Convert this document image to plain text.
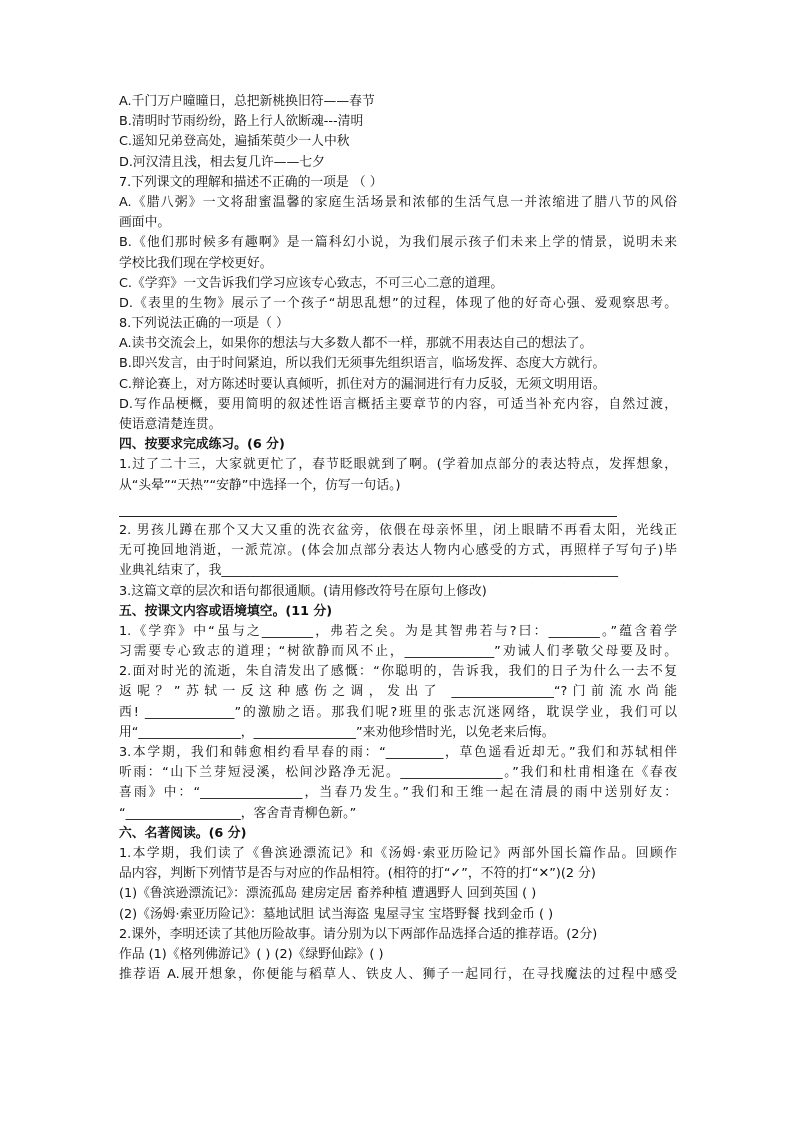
A.千门万户曈曈日，总把新桃换旧符——春节
B.清明时节雨纷纷，路上行人欲断魂---清明
C.遥知兄弟登高处，遍插茱萸少一人中秋
D.河汉清且浅，相去复几许——七夕
7.下列课文的理解和描述不正确的一项是 （ ）
A.《腊八粥》一文将甜蜜温馨的家庭生活场景和浓郁的生活气息一并浓缩进了腊八节的风俗
画面中。
B.《他们那时候多有趣啊》是一篇科幻小说，为我们展示孩子们未来上学的情景，说明未来
学校比我们现在学校更好。
C.《学弈》一文告诉我们学习应该专心致志，不可三心二意的道理。
D.《表里的生物》展示了一个孩子“胡思乱想”的过程，体现了他的好奇心强、爱观察思考。
8.下列说法正确的一项是（ ）
A.读书交流会上，如果你的想法与大多数人都不一样，那就不用表达自己的想法了。
B.即兴发言，由于时间紧迫，所以我们无须事先组织语言，临场发挥、态度大方就行。
C.辩论赛上，对方陈述时要认真倾听，抓住对方的漏洞进行有力反驳，无须文明用语。
D.写作品梗概，要用简明的叙述性语言概括主要章节的内容，可适当补充内容，自然过渡，
使语意清楚连贯。
四、按要求完成练习。(6 分)
1.过了二十三，大家就更忙了，春节眨眼就到了啊。(学着加点部分的表达特点，发挥想象，
从“头晕”“天热”“安静”中选择一个，仿写一句话。)
2. 男孩儿蹲在那个又大又重的洗衣盆旁，依偎在母亲怀里，闭上眼睛不再看太阳，光线正
无可挽回地消逝，一派荒凉。(体会加点部分表达人物内心感受的方式，再照样子写句子)毕
业典礼结束了，我______________________________________________________________
3.这篇文章的层次和语句都很通顺。(请用修改符号在原句上修改)
五、按课文内容或语境填空。(11 分)
1.《学弈》中“虽与之________，弗若之矣。为是其智弗若与?曰：________。”蕴含着学
习需要专心致志的道理；“树欲静而风不止，______________”劝诫人们孝敬父母要及时。
2.面对时光的流逝，朱自清发出了感慨：“你聪明的，告诉我，我们的日子为什么一去不复
返呢？”苏轼一反这种感伤之调，发出了 ________________“?门前流水尚能
西! ______________”的激励之语。那我们呢?班里的张志沉迷网络，耽误学业，我们可以
用“________________，________________”来劝他珍惜时光，以免老来后悔。
3.本学期，我们和韩愈相约看早春的雨：“_________，草色遥看近却无。”我们和苏轼相伴
听雨：“山下兰芽短浸溪，松间沙路净无泥。________________。”我们和杜甫相逢在《春夜
喜雨》中：“________________，当春乃发生。”我们和王维一起在清晨的雨中送别好友：
“__________________，客舍青青柳色新。”
六、名著阅读。(6 分)
1.本学期，我们读了《鲁滨逊漂流记》和《汤姆·索亚历险记》两部外国长篇作品。回顾作
品内容，判断下列情节是否与对应的作品相符。(相符的打“✓”，不符的打“✕”)(2 分)
(1)《鲁滨逊漂流记》：漂流孤岛 建房定居 畜养种植 遭遇野人 回到英国 ( )
(2)《汤姆·索亚历险记》：墓地试胆 试当海盗 鬼屋寻宝 宝塔野餐 找到金币 ( )
2.课外，李明还读了其他历险故事。请分别为以下两部作品选择合适的推荐语。(2分)
作品 (1)《格列佛游记》( ) (2)《绿野仙踪》( )
推荐语 A.展开想象，你便能与稻草人、铁皮人、狮子一起同行，在寻找魔法的过程中感受
